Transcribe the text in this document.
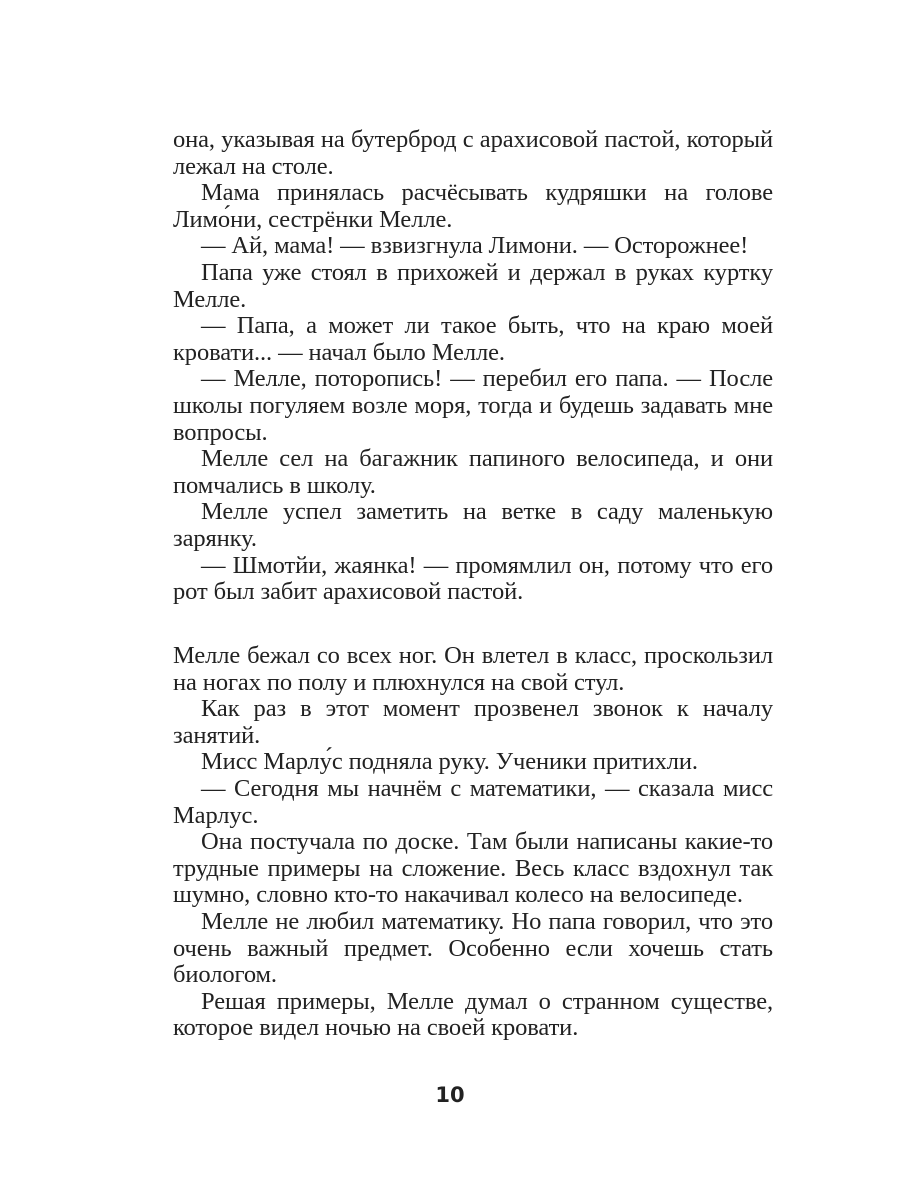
она, указывая на бутерброд с арахисовой пастой, который лежал на столе.

Мама принялась расчёсывать кудряшки на голове Лимо́ни, сестрёнки Мелле.

— Ай, мама! — взвизгнула Лимони. — Осторожнее!

Папа уже стоял в прихожей и держал в руках куртку Мелле.

— Папа, а может ли такое быть, что на краю моей кровати... — начал было Мелле.

— Мелле, поторопись! — перебил его папа. — После школы погуляем возле моря, тогда и будешь задавать мне вопросы.

Мелле сел на багажник папиного велосипеда, и они помчались в школу.

Мелле успел заметить на ветке в саду маленькую зарянку.

— Шмотйи, жаянка! — промямлил он, потому что его рот был забит арахисовой пастой.

Мелле бежал со всех ног. Он влетел в класс, проскользил на ногах по полу и плюхнулся на свой стул.

Как раз в этот момент прозвенел звонок к началу занятий.

Мисс Марлу́с подняла руку. Ученики притихли.

— Сегодня мы начнём с математики, — сказала мисс Марлус.

Она постучала по доске. Там были написаны какие-то трудные примеры на сложение. Весь класс вздохнул так шумно, словно кто-то накачивал колесо на велосипеде.

Мелле не любил математику. Но папа говорил, что это очень важный предмет. Особенно если хочешь стать биологом.

Решая примеры, Мелле думал о странном существе, которое видел ночью на своей кровати.

10
